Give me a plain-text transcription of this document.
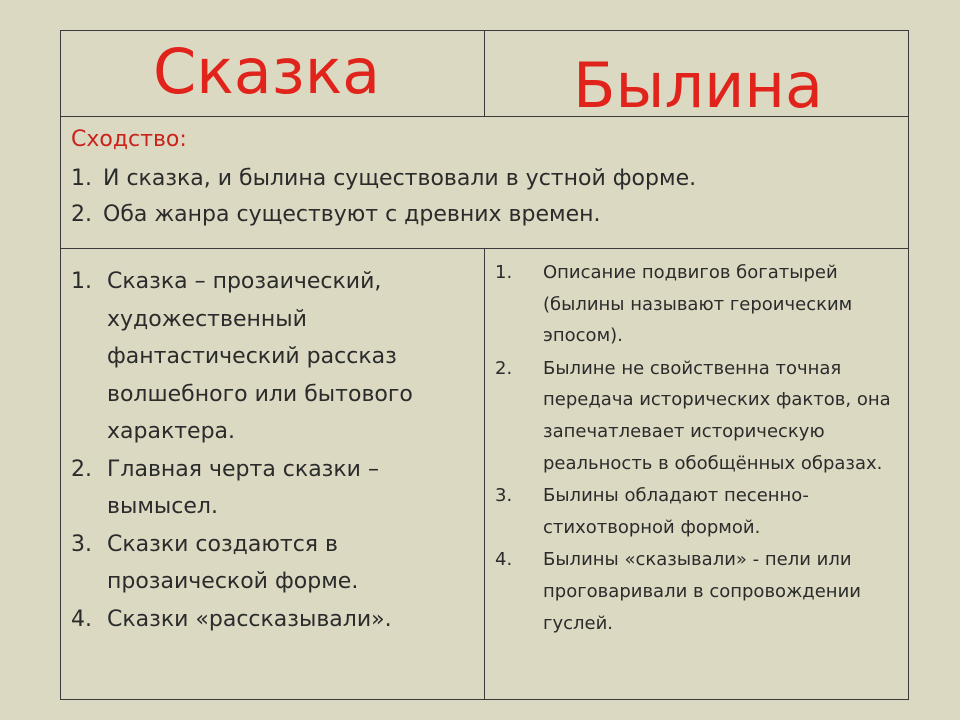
Сказка	Былина
Сходство:
1. И сказка, и былина существовали в устной форме.
2. Оба жанра существуют с древних времен.
1. Сказка – прозаический, художественный фантастический рассказ волшебного или бытового характера.
2. Главная черта сказки – вымысел.
3. Сказки создаются в прозаической форме.
4. Сказки «рассказывали».
1. Описание подвигов богатырей (былины называют героическим эпосом).
2. Былине не свойственна точная передача исторических фактов, она запечатлевает историческую реальность в обобщённых образах.
3. Былины обладают песенно-стихотворной формой.
4. Былины «сказывали» - пели или проговаривали в сопровождении гуслей.
